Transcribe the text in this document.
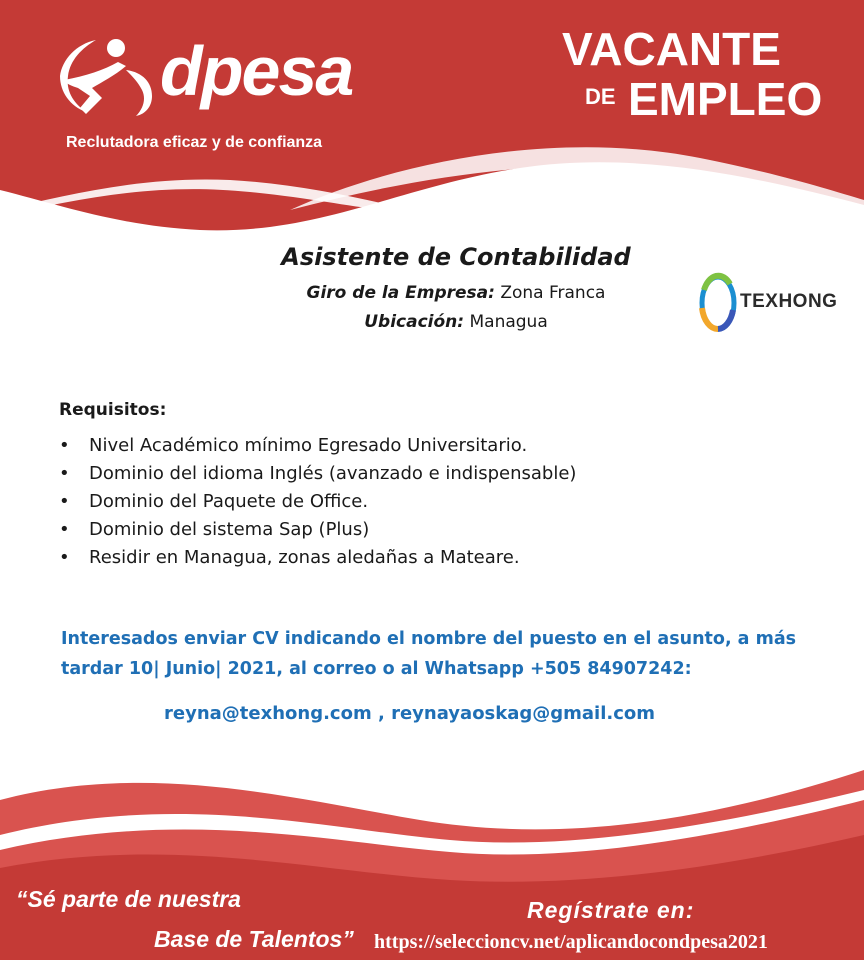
dpesa
Reclutadora eficaz y de confianza
VACANTE
DE EMPLEO
Asistente de Contabilidad
Giro de la Empresa: Zona Franca
Ubicación: Managua
TEXHONG
Requisitos:
• Nivel Académico mínimo Egresado Universitario.
• Dominio del idioma Inglés (avanzado e indispensable)
• Dominio del Paquete de Office.
• Dominio del sistema Sap (Plus)
• Residir en Managua, zonas aledañas a Mateare.
Interesados enviar CV indicando el nombre del puesto en el asunto, a más tardar 10| Junio| 2021, al correo o al Whatsapp +505 84907242:
reyna@texhong.com , reynayaoskag@gmail.com
“Sé parte de nuestra
Base de Talentos”
Regístrate en:
https://seleccioncv.net/aplicandocondpesa2021
